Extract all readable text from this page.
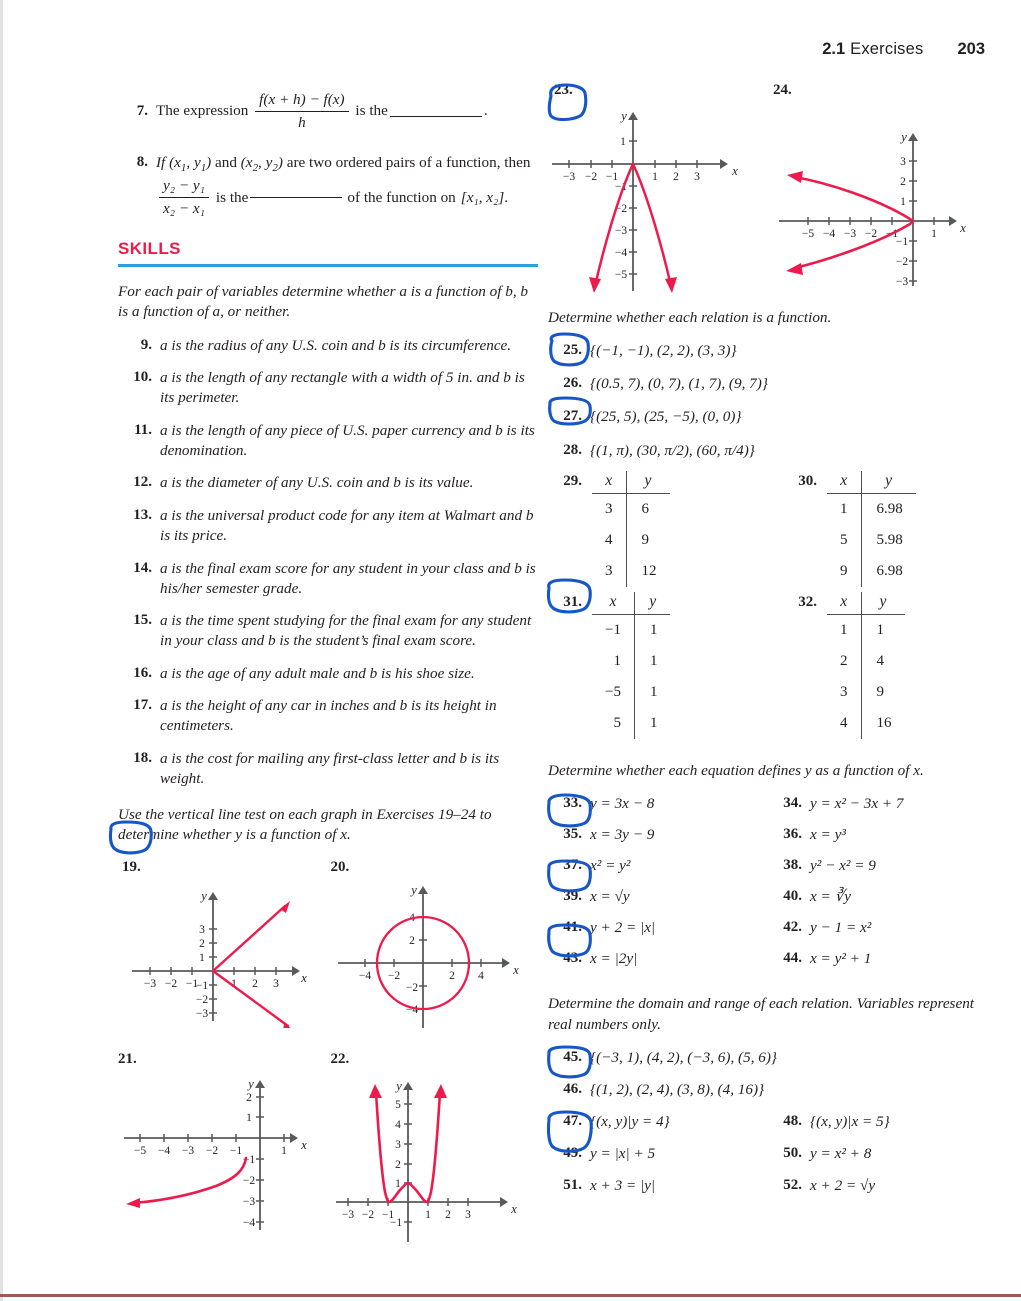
2.1 Exercises 203
7. The expression $\frac{f(x + h) - f(x)}{h}$ is the	.
8. If ($x_1$, $y_1$) and ($x_2$, $y_2$) are two ordered pairs of a function, then
$\frac{\text{y₂ − y₁}}{\text{x₂ − x₁}}$ is the	of the function on [x₁, x₂] .
SKILLS
For each pair of variables determine whether a is a function of b, b is a function of a, or neither.
9. a is the radius of any U.S. coin and b is its circumference.
10. a is the length of any rectangle with a width of 5 in. and b is its perimeter.
11. a is the length of any piece of U.S. paper currency and b is its denomination.
12. a is the diameter of any U.S. coin and b is its value.
13. a is the universal product code for any item at Walmart and b is its price.
14. a is the final exam score for any student in your class and b is his/her semester grade.
15. a is the time spent studying for the final exam for any student in your class and b is the student’s final exam score.
16. a is the age of any adult male and b is his shoe size.
17. a is the height of any car in inches and b is its height in centimeters.
18. a is the cost for mailing any first-class letter and b is its weight.
Use the vertical line test on each graph in Exercises 19–24 to determine whether y is a function of x.
19.
−3 −2 −1	1 2 3
3
2
1
−1
−2
−3
x
y
20.
−4 −2	2 4
4
2
−2
−4
x
y
21.
−5 −4 −3 −2 −1	1
2
1
−1
−2
−3
−4
x
y
22.
−3 −2 −1	1 2 3
5
4
3
2
1
−1
x
y
23.
−3 −2 −1	1 2 3
1
−1
−2
−3
−4
−5
x
y
24.
−5 −4 −3 −2 −1	1
3
2
1
−1
−2
−3
x
y
Determine whether each relation is a function.
25. {(−1, −1), (2, 2), (3, 3)}
26. {(0.5, 7), (0, 7), (1, 7), (9, 7)}
27. {(25, 5), (25, −5), (0, 0)}
28. {(1, π), (30, π/2), (60, π/4)}
29.	x	y
3	6
4	9
3	12
30.	x	y
1	6.98
5	5.98
9	6.98
31.	x	y
−1	1
1	1
−5	1
5	1
32.	x	y
1	1
2	4
3	9
4	16
Determine whether each equation defines y as a function of x.
33. y = 3x − 8	34. y = x² − 3x + 7
35. x = 3y − 9	36. x = y³
37. x² = y²	38. y² − x² = 9
39. x = √y	40. x = ∛y
41. y + 2 = |x|	42. y − 1 = x²
43. x = |2y|	44. x = y² + 1
Determine the domain and range of each relation. Variables represent real numbers only.
45. {(−3, 1), (4, 2), (−3, 6), (5, 6)}
46. {(1, 2), (2, 4), (3, 8), (4, 16)}
47. {(x, y)|y = 4}	48. {(x, y)|x = 5}
49. y = |x| + 5	50. y = x² + 8
51. x + 3 = |y|	52. x + 2 = √y
